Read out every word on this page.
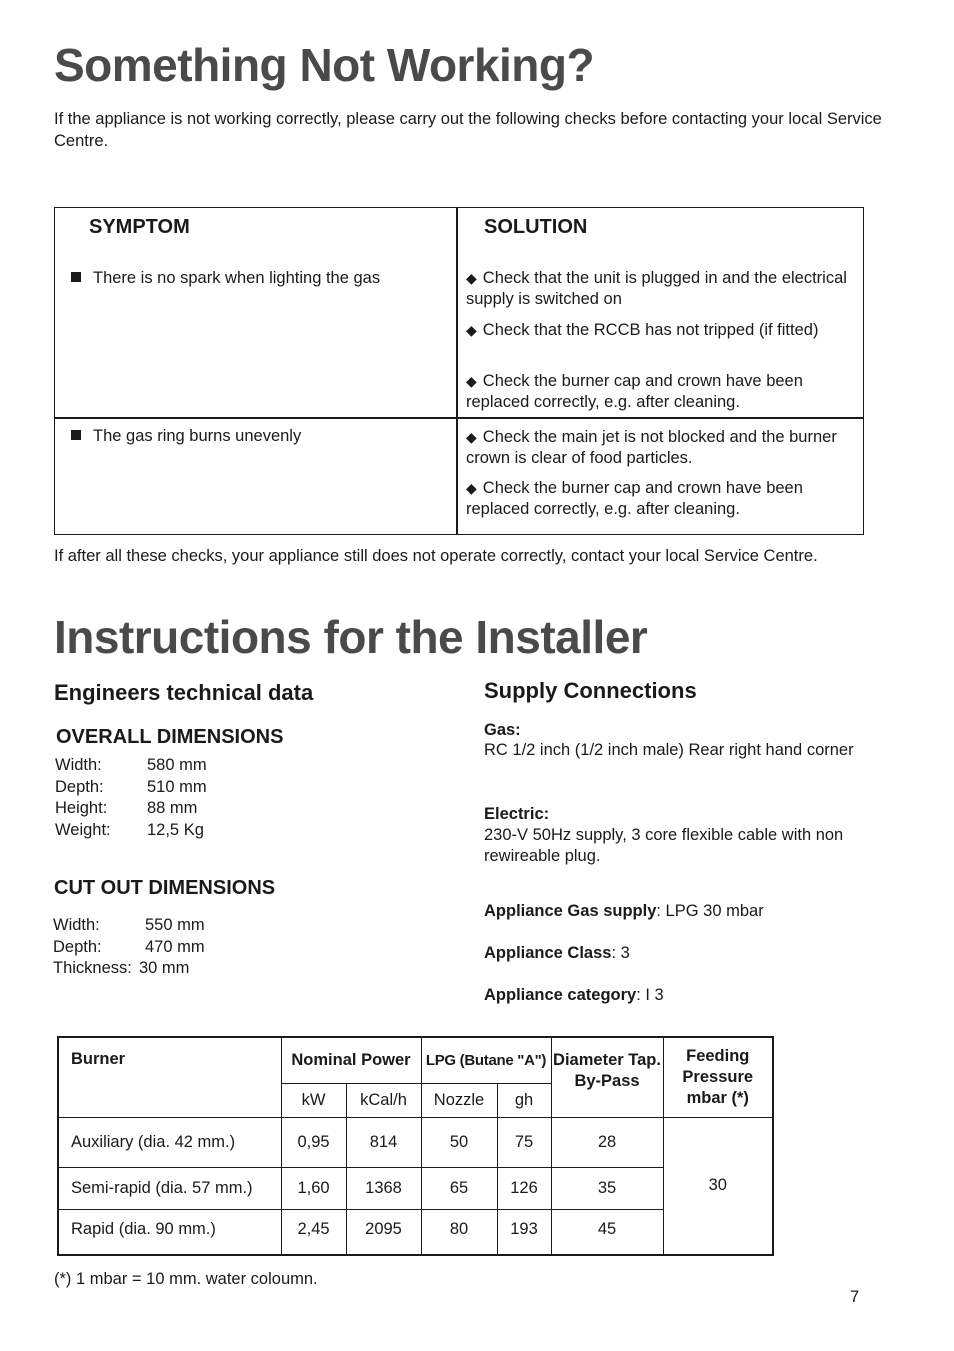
Something Not Working?
If the appliance is not working correctly, please carry out the following checks before contacting your local Service Centre.
SYMPTOM	SOLUTION
There is no spark when lighting the gas	◆ Check that the unit is plugged in and the electrical supply is switched on
◆ Check that the RCCB has not tripped (if fitted)
◆ Check the burner cap and crown have been replaced correctly, e.g. after cleaning.
The gas ring burns unevenly	◆ Check the main jet is not blocked and the burner crown is clear of food particles.
◆ Check the burner cap and crown have been replaced correctly, e.g. after cleaning.
If after all these checks, your appliance still does not operate correctly, contact your local Service Centre.
Instructions for the Installer
Engineers technical data
OVERALL DIMENSIONS
Width:	580 mm
Depth:	510 mm
Height: 88 mm
Weight: 12,5 Kg
CUT OUT DIMENSIONS
Width:	550 mm
Depth:	470 mm
Thickness: 30 mm
Supply Connections
Gas:
RC 1/2 inch (1/2 inch male) Rear right hand corner
Electric:
230-V 50Hz supply, 3 core flexible cable with non rewireable plug.
Appliance Gas supply: LPG 30 mbar
Appliance Class: 3
Appliance category: I 3
Burner	Nominal Power		LPG (Butane "A")		Diameter Tap. By-Pass	Feeding Pressure mbar (*)
	kW	kCal/h	Nozzle	gh		
Auxiliary (dia. 42 mm.)	0,95	814	50	75	28	30
Semi-rapid (dia. 57 mm.)	1,60	1368	65	126	35	
Rapid (dia. 90 mm.)	2,45	2095	80	193	45	
(*) 1 mbar = 10 mm. water coloumn.
7
